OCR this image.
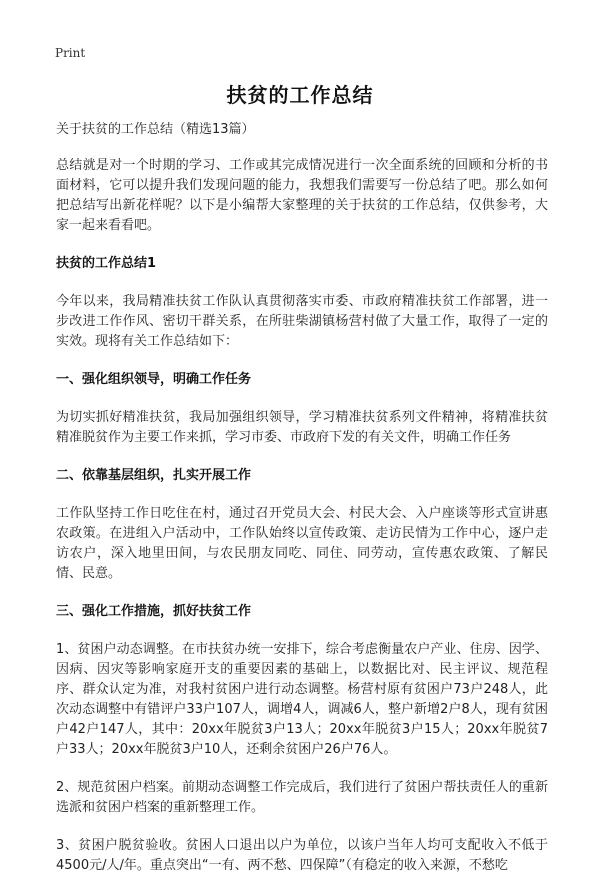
Print
扶贫的工作总结

关于扶贫的工作总结（精选13篇）

总结就是对一个时期的学习、工作或其完成情况进行一次全面系统的回顾和分析的书面材料，它可以提升我们发现问题的能力，我想我们需要写一份总结了吧。那么如何把总结写出新花样呢？以下是小编帮大家整理的关于扶贫的工作总结，仅供参考，大家一起来看看吧。

扶贫的工作总结1

今年以来，我局精准扶贫工作队认真贯彻落实市委、市政府精准扶贫工作部署，进一步改进工作作风、密切干群关系，在所驻柴湖镇杨营村做了大量工作，取得了一定的实效。现将有关工作总结如下：

一、强化组织领导，明确工作任务

为切实抓好精准扶贫，我局加强组织领导，学习精准扶贫系列文件精神，将精准扶贫精准脱贫作为主要工作来抓，学习市委、市政府下发的有关文件，明确工作任务

二、依靠基层组织，扎实开展工作

工作队坚持工作日吃住在村，通过召开党员大会、村民大会、入户座谈等形式宣讲惠农政策。在进组入户活动中，工作队始终以宣传政策、走访民情为工作中心，逐户走访农户，深入地里田间，与农民朋友同吃、同住、同劳动，宣传惠农政策、了解民情、民意。

三、强化工作措施，抓好扶贫工作

1、贫困户动态调整。在市扶贫办统一安排下，综合考虑衡量农户产业、住房、因学、因病、因灾等影响家庭开支的重要因素的基础上，以数据比对、民主评议、规范程序、群众认定为准，对我村贫困户进行动态调整。杨营村原有贫困户73户248人，此次动态调整中有错评户33户107人，调增4人，调减6人，整户新增2户8人，现有贫困户42户147人，其中：20xx年脱贫3户13人；20xx年脱贫3户15人；20xx年脱贫7户33人；20xx年脱贫3户10人，还剩余贫困户26户76人。

2、规范贫困户档案。前期动态调整工作完成后，我们进行了贫困户帮扶责任人的重新选派和贫困户档案的重新整理工作。

3、贫困户脱贫验收。贫困人口退出以户为单位，以该户当年人均可支配收入不低于4500元/人/年。重点突出“一有、两不愁、四保障”（有稳定的收入来源，不愁吃
